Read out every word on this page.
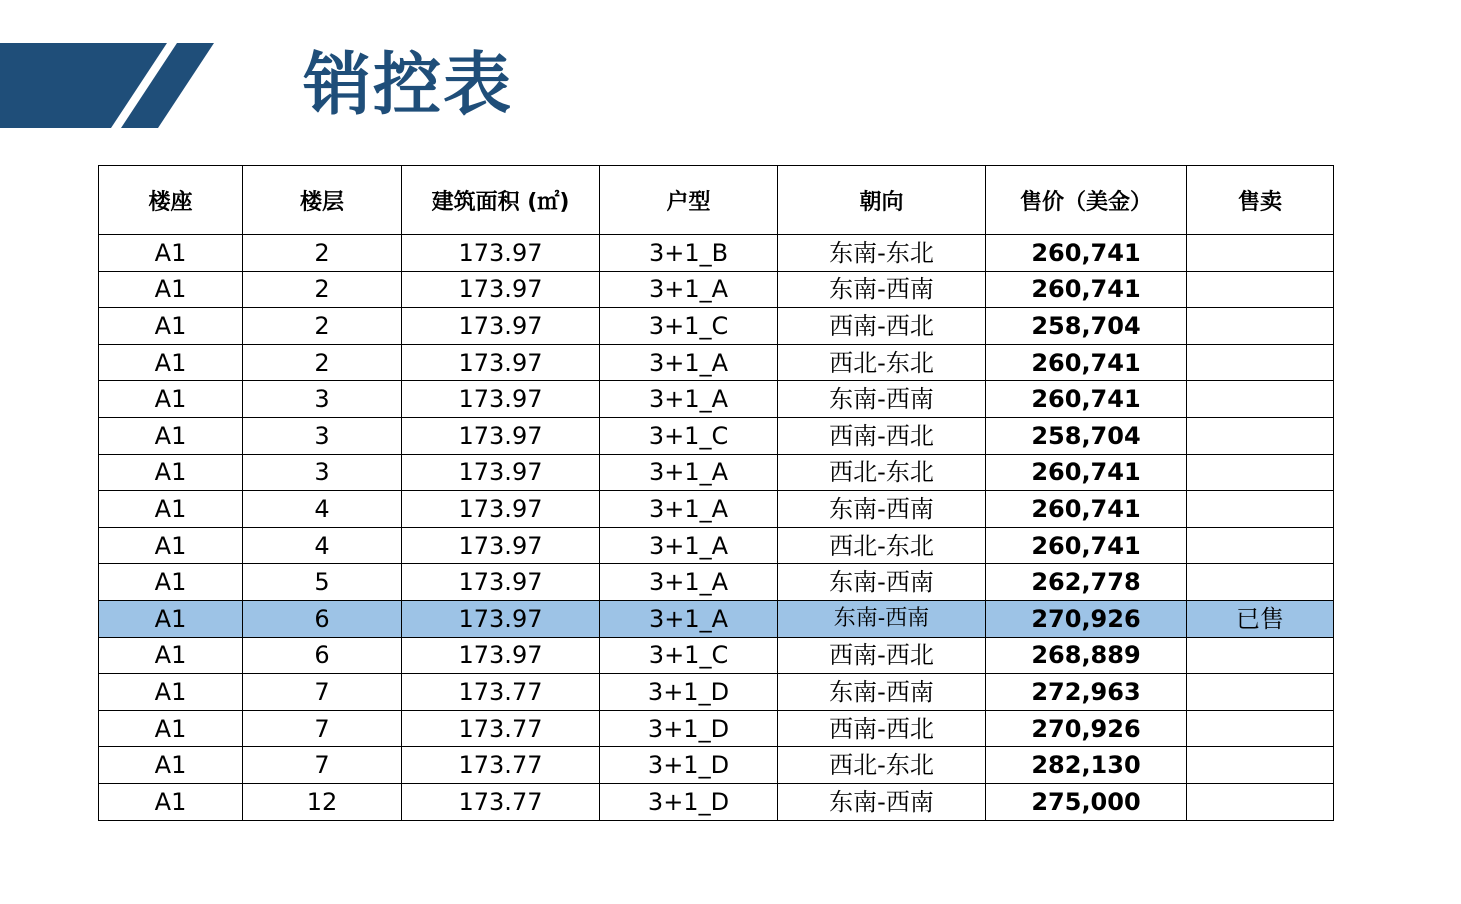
销控表
楼座	楼层	建筑面积 (㎡)	户型	朝向	售价（美金）	售卖
A1	2	173.97	3+1_B	东南-东北	260,741	
A1	2	173.97	3+1_A	东南-西南	260,741	
A1	2	173.97	3+1_C	西南-西北	258,704	
A1	2	173.97	3+1_A	西北-东北	260,741	
A1	3	173.97	3+1_A	东南-西南	260,741	
A1	3	173.97	3+1_C	西南-西北	258,704	
A1	3	173.97	3+1_A	西北-东北	260,741	
A1	4	173.97	3+1_A	东南-西南	260,741	
A1	4	173.97	3+1_A	西北-东北	260,741	
A1	5	173.97	3+1_A	东南-西南	262,778	
A1	6	173.97	3+1_A	东南-西南	270,926	已售
A1	6	173.97	3+1_C	西南-西北	268,889	
A1	7	173.77	3+1_D	东南-西南	272,963	
A1	7	173.77	3+1_D	西南-西北	270,926	
A1	7	173.77	3+1_D	西北-东北	282,130	
A1	12	173.77	3+1_D	东南-西南	275,000	
